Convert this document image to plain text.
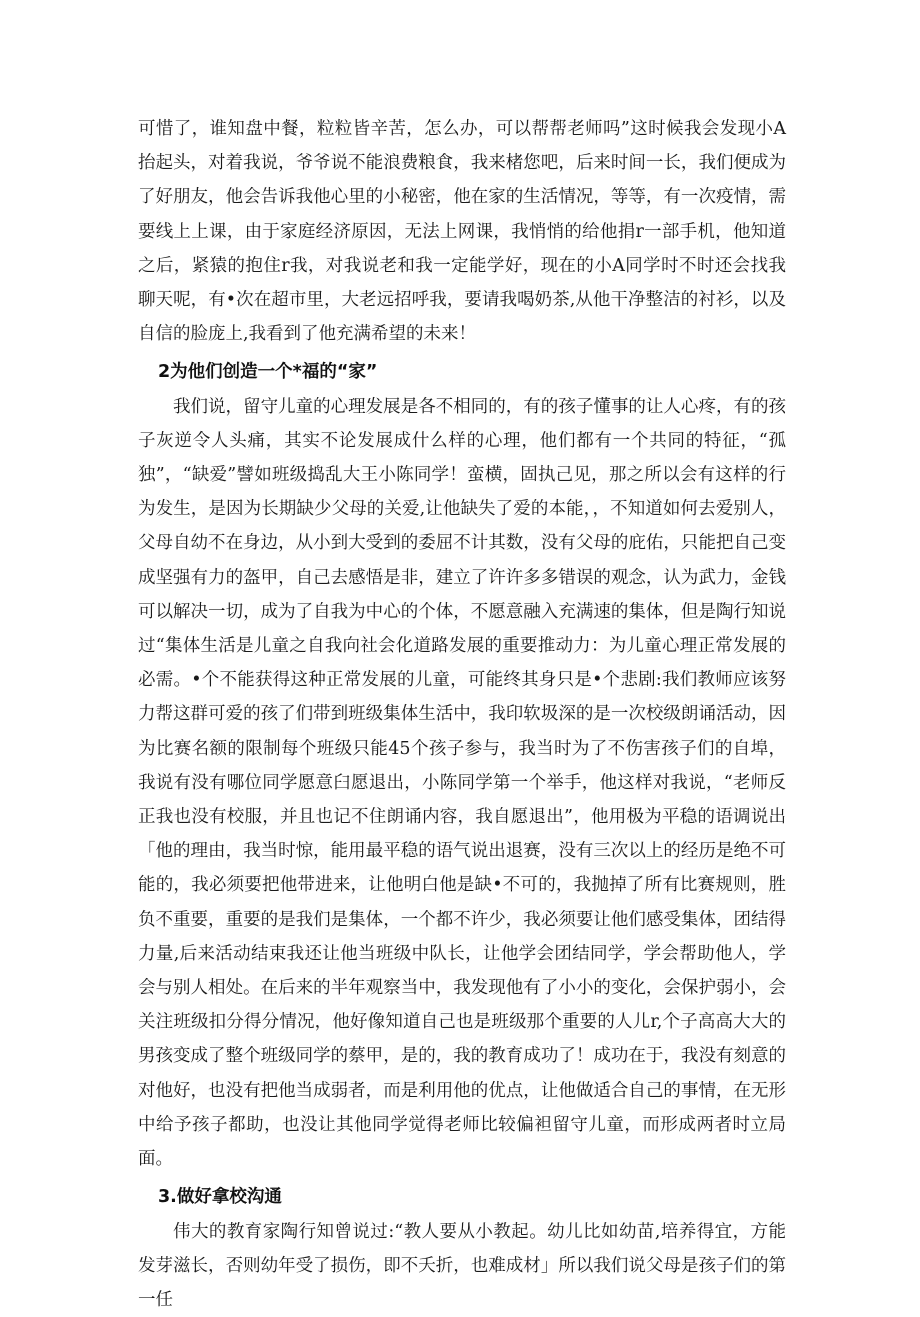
可惜了，谁知盘中餐，粒粒皆辛苦，怎么办，可以帮帮老师吗”这时候我会发现小A抬起头，对着我说，爷爷说不能浪费粮食，我来楮您吧，后来时间一长，我们便成为了好朋友，他会告诉我他心里的小秘密，他在家的生活情况，等等，有一次疫情，需要线上上课，由于家庭经济原因，无法上网课，我悄悄的给他捐r一部手机，他知道之后，紧猿的抱住r我，对我说老和我一定能学好，现在的小A同学时不时还会找我聊天呢，有•次在超市里，大老远招呼我，要请我喝奶茶,从他干净整洁的衬衫，以及自信的脸庞上,我看到了他充满希望的未来！

2为他们创造一个*福的“家”

我们说，留守儿童的心理发展是各不相同的，有的孩子懂事的让人心疼，有的孩子灰逆令人头痛，其实不论发展成什么样的心理，他们都有一个共同的特征，“孤独”，“缺爱”譬如班级捣乱大王小陈同学！蛮横，固执己见，那之所以会有这样的行为发生，是因为长期缺少父母的关爱,让他缺失了爱的本能，，不知道如何去爱别人，父母自幼不在身边，从小到大受到的委屈不计其数，没有父母的庇佑，只能把自己变成坚强有力的盔甲，自己去感悟是非，建立了许许多多错误的观念，认为武力，金钱可以解决一切，成为了自我为中心的个体，不愿意融入充满速的集体，但是陶行知说过“集体生活是儿童之自我向社会化道路发展的重要推动力：为儿童心理正常发展的必需。•个不能获得这种正常发展的儿童，可能终其身只是•个悲剧:我们教师应该努力帮这群可爱的孩了们带到班级集体生活中，我印软圾深的是一次校级朗诵活动，因为比赛名额的限制每个班级只能45个孩子参与，我当时为了不伤害孩子们的自埠，我说有没有哪位同学愿意臼愿退出，小陈同学第一个举手，他这样对我说，“老师反正我也没有校服，并且也记不住朗诵内容，我自愿退出”，他用极为平稳的语调说出「他的理由，我当时惊，能用最平稳的语气说出退赛，没有三次以上的经历是绝不可能的，我必须要把他带进来，让他明白他是缺•不可的，我抛掉了所有比赛规则，胜负不重要，重要的是我们是集体，一个都不许少，我必须要让他们感受集体，团结得力量,后来活动结束我还让他当班级中队长，让他学会团结同学，学会帮助他人，学会与别人相处。在后来的半年观察当中，我发现他有了小小的变化，会保护弱小，会关注班级扣分得分情况，他好像知道自己也是班级那个重要的人儿r,个子高高大大的男孩变成了整个班级同学的蔡甲，是的，我的教育成功了！成功在于，我没有刻意的对他好，也没有把他当成弱者，而是利用他的优点，让他做适合自己的事情，在无形中给予孩子都助，也没让其他同学觉得老师比较偏袒留守儿童，而形成两者时立局面。

3.做好拿校沟通

伟大的教育家陶行知曾说过:“教人要从小教起。幼儿比如幼苗,培养得宜，方能发芽滋长，否则幼年受了损伤，即不夭折，也难成材」所以我们说父母是孩子们的第一任
